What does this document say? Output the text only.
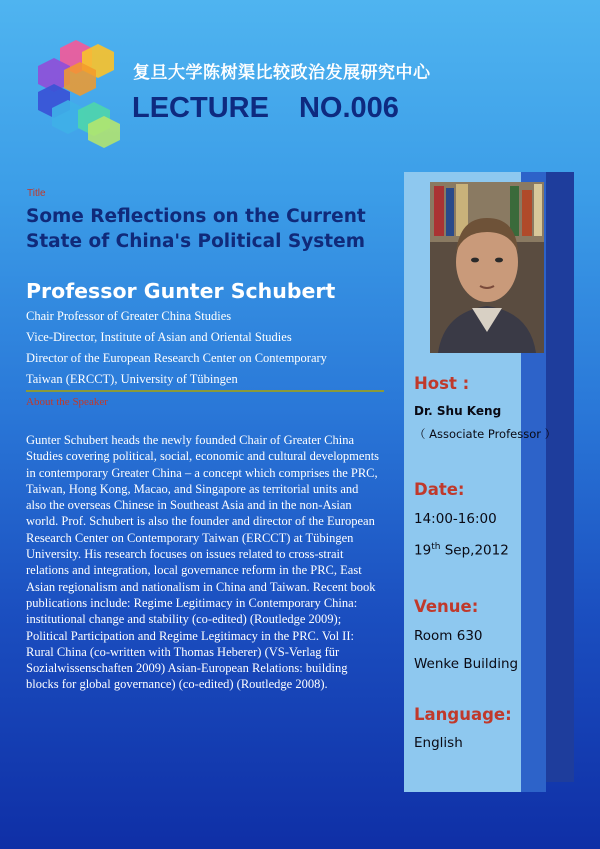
复旦大学陈树渠比较政治发展研究中心
LECTURE NO.006
Title
Some Reflections on the Current
State of China's Political System
Professor Gunter Schubert
Chair Professor of Greater China Studies
Vice-Director, Institute of Asian and Oriental Studies
Director of the European Research Center on Contemporary
Taiwan (ERCCT), University of Tübingen
About the Speaker
Gunter Schubert heads the newly founded Chair of Greater China Studies covering political, social, economic and cultural developments in contemporary Greater China – a concept which comprises the PRC, Taiwan, Hong Kong, Macao, and Singapore as territorial units and also the overseas Chinese in Southeast Asia and in the non-Asian world. Prof. Schubert is also the founder and director of the European Research Center on Contemporary Taiwan (ERCCT) at Tübingen University. His research focuses on issues related to cross-strait relations and integration, local governance reform in the PRC, East Asian regionalism and nationalism in China and Taiwan. Recent book publications include: Regime Legitimacy in Contemporary China: institutional change and stability (co-edited) (Routledge 2009); Political Participation and Regime Legitimacy in the PRC. Vol II: Rural China (co-written with Thomas Heberer) (VS-Verlag für Sozialwissenschaften 2009) Asian-European Relations: building blocks for global governance) (co-edited) (Routledge 2008).
Host :
Dr. Shu Keng
（ Associate Professor ）
Date:
14:00-16:00
19th Sep,2012
Venue:
Room 630
Wenke Building
Language:
English
